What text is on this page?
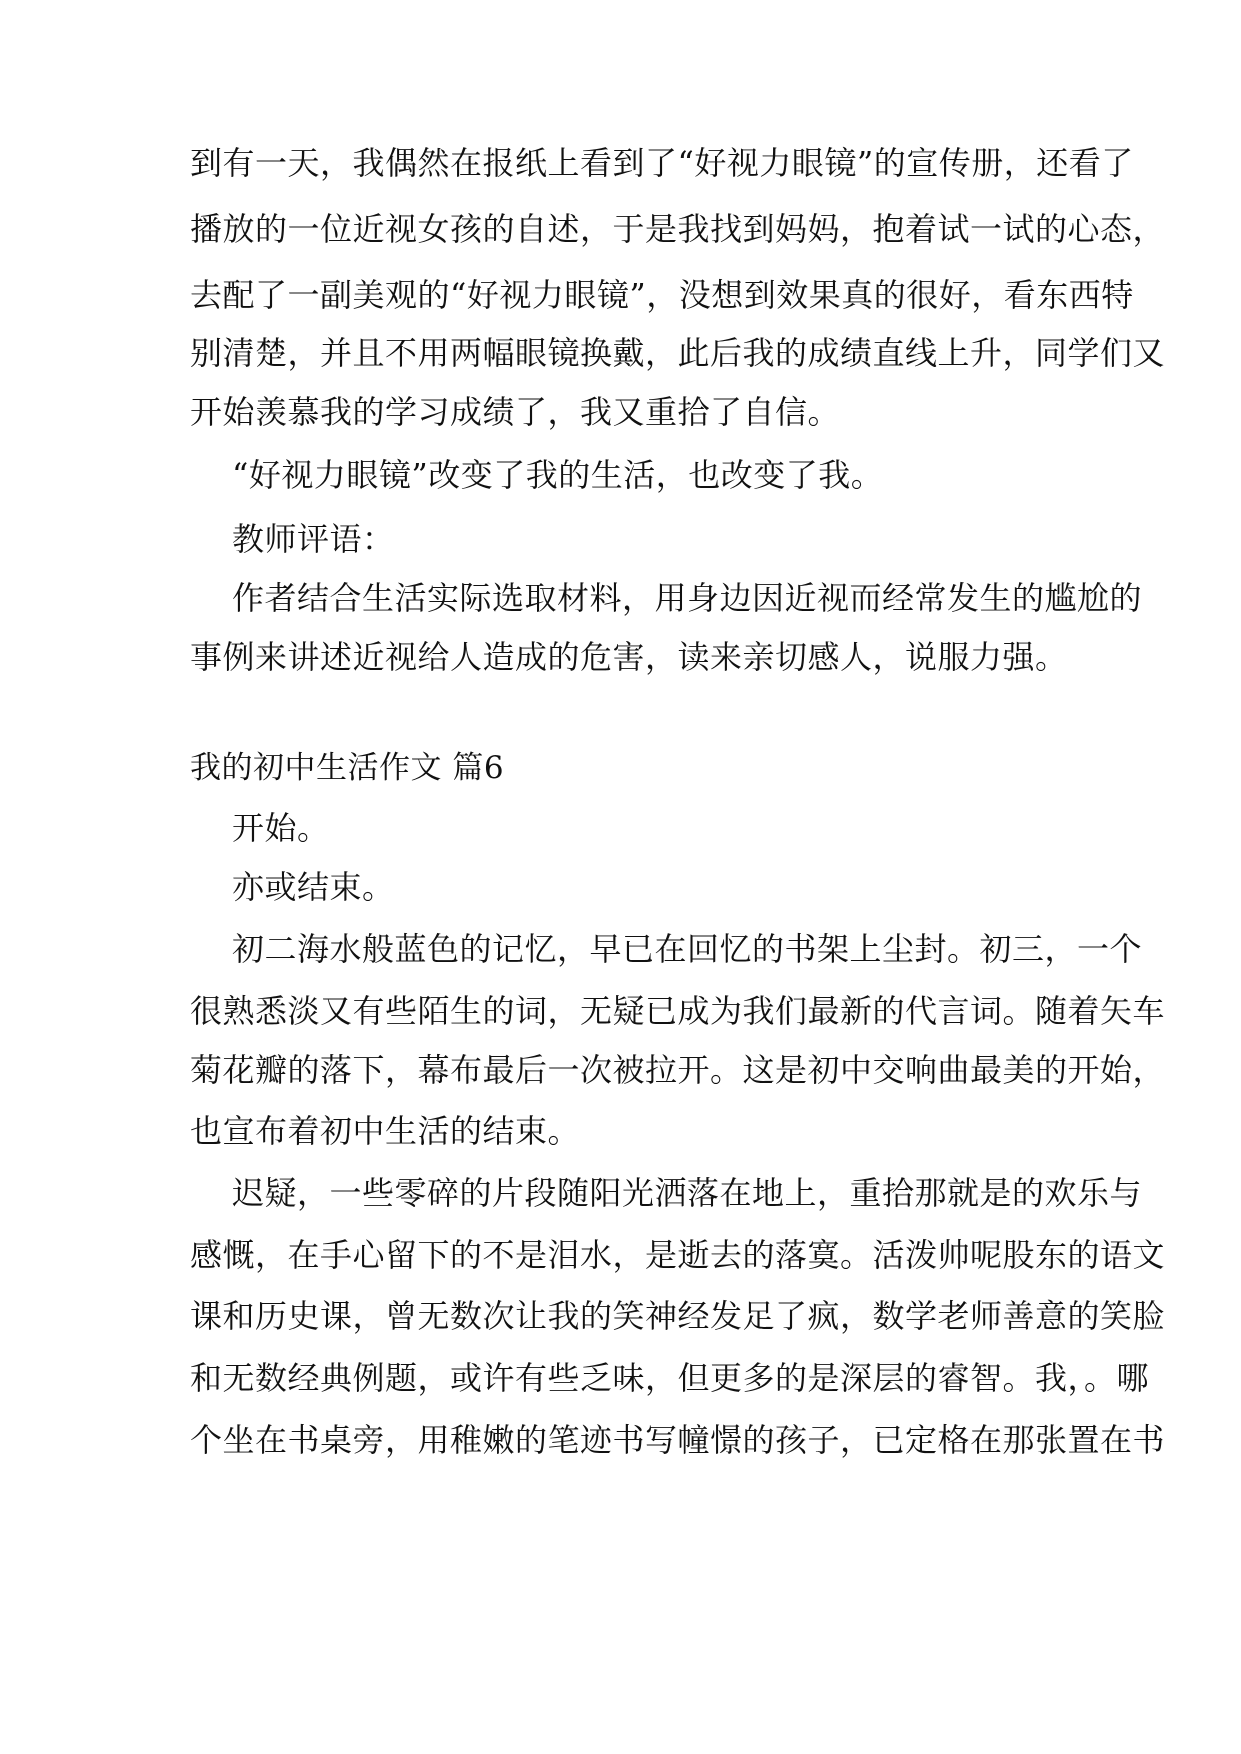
到有一天，我偶然在报纸上看到了“好视力眼镜”的宣传册，还看了
播放的一位近视女孩的自述，于是我找到妈妈，抱着试一试的心态，
去配了一副美观的“好视力眼镜”，没想到效果真的很好，看东西特
别清楚，并且不用两幅眼镜换戴，此后我的成绩直线上升，同学们又
开始羡慕我的学习成绩了，我又重拾了自信。
“好视力眼镜”改变了我的生活，也改变了我。
教师评语：
作者结合生活实际选取材料，用身边因近视而经常发生的尴尬的
事例来讲述近视给人造成的危害，读来亲切感人，说服力强。
我的初中生活作文 篇6
开始。
亦或结束。
初二海水般蓝色的记忆，早已在回忆的书架上尘封。初三，一个
很熟悉淡又有些陌生的词，无疑已成为我们最新的代言词。随着矢车
菊花瓣的落下，幕布最后一次被拉开。这是初中交响曲最美的开始，
也宣布着初中生活的结束。
迟疑，一些零碎的片段随阳光洒落在地上，重拾那就是的欢乐与
感慨，在手心留下的不是泪水，是逝去的落寞。活泼帅呢股东的语文
课和历史课，曾无数次让我的笑神经发足了疯，数学老师善意的笑脸
和无数经典例题，或许有些乏味，但更多的是深层的睿智。我，。哪
个坐在书桌旁，用稚嫩的笔迹书写幢憬的孩子，已定格在那张置在书
